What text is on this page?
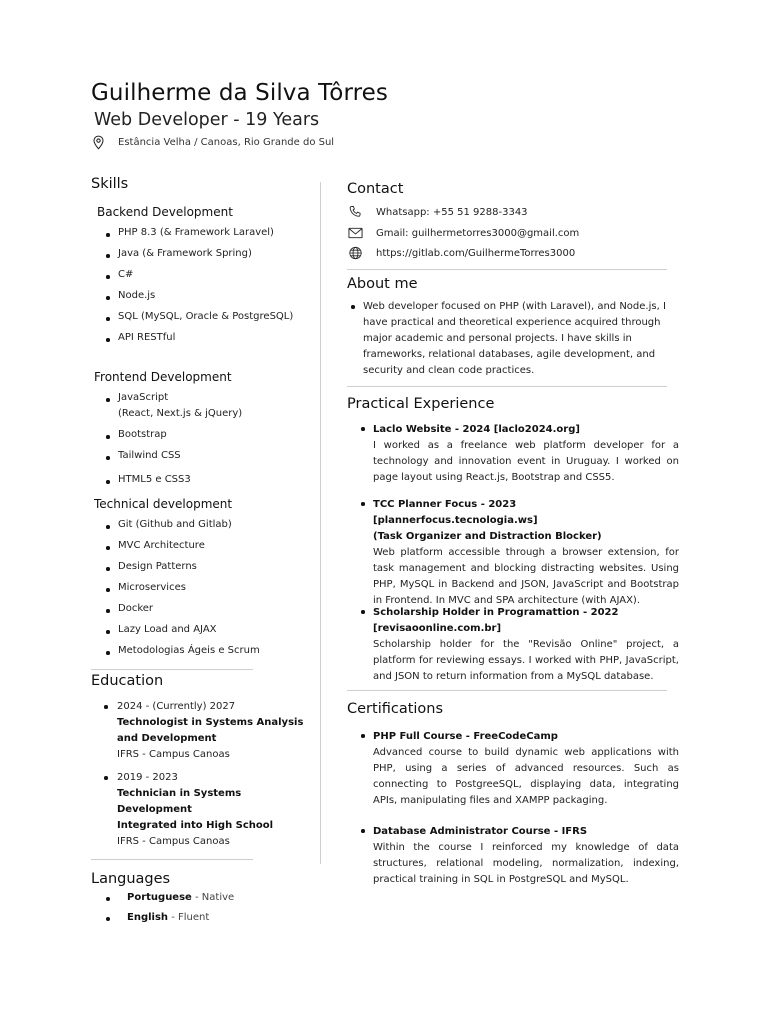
Guilherme da Silva Tôrres
Web Developer - 19 Years
Estância Velha / Canoas, Rio Grande do Sul
Skills
Backend Development
PHP 8.3 (& Framework Laravel)
Java (& Framework Spring)
C#
Node.js
SQL (MySQL, Oracle & PostgreSQL)
API RESTful
Frontend Development
JavaScript
(React, Next.js & jQuery)
Bootstrap
Tailwind CSS
HTML5 e CSS3
Technical development
Git (Github and Gitlab)
MVC Architecture
Design Patterns
Microservices
Docker
Lazy Load and AJAX
Metodologias Ágeis e Scrum
Education
2024 - (Currently) 2027
Technologist in Systems Analysis
and Development
IFRS - Campus Canoas
2019 - 2023
Technician in Systems
Development
Integrated into High School
IFRS - Campus Canoas
Languages
Portuguese - Native
English - Fluent
Contact
Whatsapp: +55 51 9288-3343
Gmail: guilhermetorres3000@gmail.com
https://gitlab.com/GuilhermeTorres3000
About me
Web developer focused on PHP (with Laravel), and Node.js, I have practical and theoretical experience acquired through major academic and personal projects. I have skills in frameworks, relational databases, agile development, and security and clean code practices.
Practical Experience
Laclo Website - 2024 [laclo2024.org]
I worked as a freelance web platform developer for a technology and innovation event in Uruguay. I worked on page layout using React.js, Bootstrap and CSS5.
TCC Planner Focus - 2023 [plannerfocus.tecnologia.ws]
(Task Organizer and Distraction Blocker)
Web platform accessible through a browser extension, for task management and blocking distracting websites. Using PHP, MySQL in Backend and JSON, JavaScript and Bootstrap in Frontend. In MVC and SPA architecture (with AJAX).
Scholarship Holder in Programattion - 2022
[revisaoonline.com.br]
Scholarship holder for the "Revisão Online" project, a platform for reviewing essays. I worked with PHP, JavaScript, and JSON to return information from a MySQL database.
Certifications
PHP Full Course - FreeCodeCamp
Advanced course to build dynamic web applications with PHP, using a series of advanced resources. Such as connecting to PostgreeSQL, displaying data, integrating APIs, manipulating files and XAMPP packaging.
Database Administrator Course - IFRS
Within the course I reinforced my knowledge of data structures, relational modeling, normalization, indexing, practical training in SQL in PostgreSQL and MySQL.
